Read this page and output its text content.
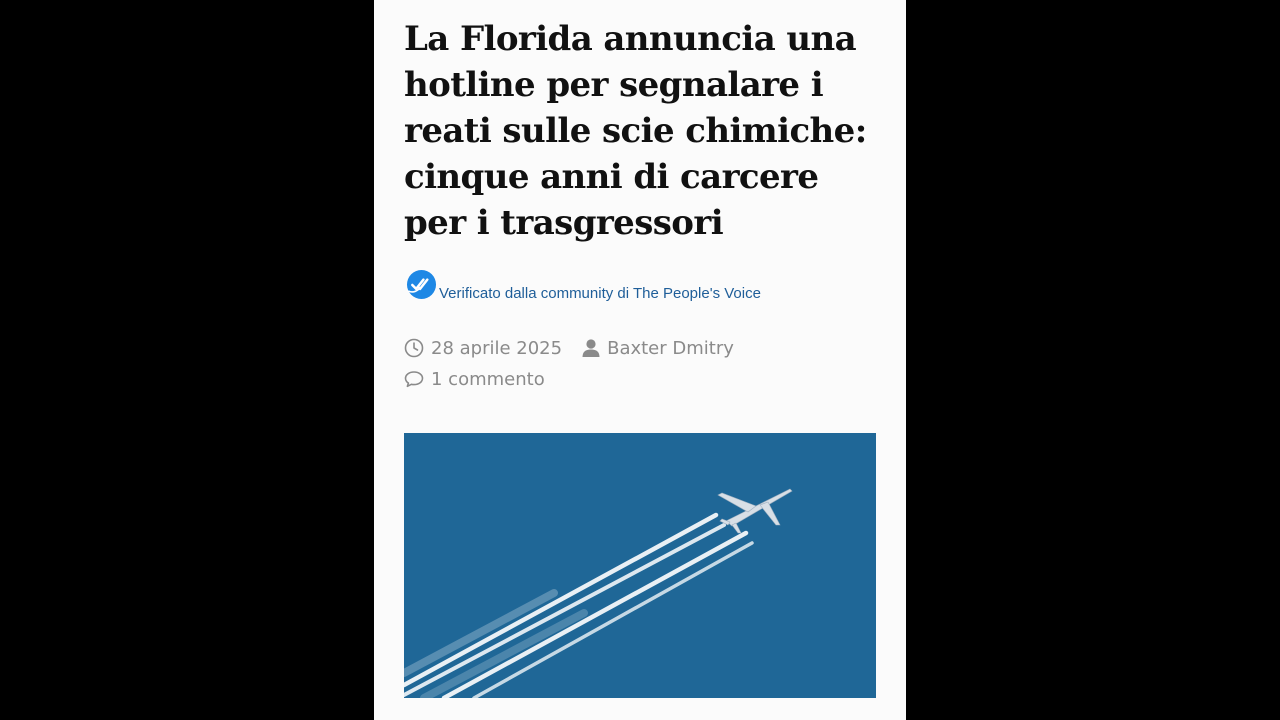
La Florida annuncia una hotline per segnalare i reati sulle scie chimiche: cinque anni di carcere per i trasgressori
Verificato dalla community di The People's Voice
28 aprile 2025	Baxter Dmitry
1 commento
